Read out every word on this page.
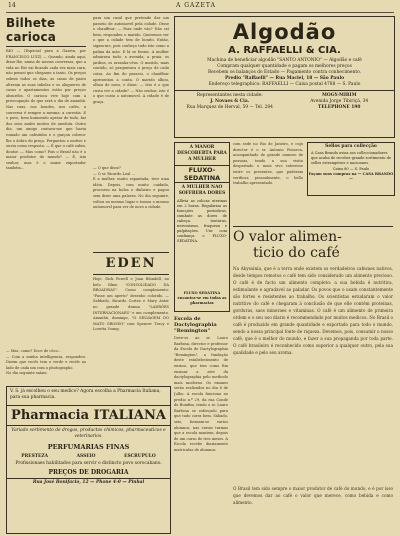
14	A GAZETA
Bilhete carioca
RIO — (Especial para a Gazeta, por FRANCISCO LUIZ) — Quando, ainda aqui, disse-lhe, numa de nossas conversas, que a vida no Rio vai ficando cada vez mais cara, não pensei que chegasse a tanto. Os preços sobem todos os dias, as casas de pasto alteram as suas tabelas e os alugueres de casas e apartamentos estão por preços absurdos. O carioca vive hoje com a preocupação do que será o dia de amanhã. Nas ruas, nos bondes, nos cafés, a conversa é sempre a mesma: a carestia. E o povo, bem humorado apesar de tudo, faz dos seus males motivo de anedota. Outro dia, um amigo contava-me que havia tomado um cafezinho e o garçon cobrou-lhe o dobro do preço. Perguntou o motivo e ouviu como resposta: — É que o café subiu, doutor. — Mas como? Pois o Brasil não é o maior produtor do mundo? — É, sim senhor, mas é o maior exportador também...
— Mas, como? Doce de côco...
— Com a minha intelligencia, respondeu. Dizem que vocês tem o verde e recife ao lado de cada um com o photographo.
No dia seguinte saíam
para um casal que pretende dar um passeio de automovel pela cidade. Disse o chauffeur: — Para onde vão? Não sei bem, respondeu o marido. Queremos ver o que a cidade tem de bonito. Então, sigam-me, pois conheço tudo isto como a palma da mão. E lá se foram. A mulher admirava tudo: a avenida, a praia, os jardins, os arranha-céus. O marido, mais contido, só perguntava o preço de cada coisa. Ao fim do passeio, o chauffeur apresentou a conta. O marido olhou, olhou de novo, e disse: — Isto é o que custa ver a cidade? — Não senhor, isto é o que custa o automovel. A cidade é de graça.
— O que disse?
— O sr. Ricardo Leal ...
E a mulher, muito espantada, teve uma idéia. Depois, com muito cuidado, procurou na bolsa o dinheiro e pagou sem dizer uma palavra. No dia seguinte, voltou ao mesmo lugar e tomou o mesmo automovel para ver de novo a cidade.
EDEN
Hoje, Dick Powell e Joan Blondell, no belo filme "CONSOLIDADO DA BROADWAY". Como complemento: "Passe um aperto" desenho colorido. — Sabbado, Ricardo Cortez e Mary Astor no grande drama "LADRÕES INTERNACIONAES" e um complemento. Amanhã, domingo, "O SELVAGEM DO MATO GROSSO" com Spencer Tracy e Loretta Young.
Algodão
A. RAFFAELLI & CIA.
Machina de beneficiar algodão "SANTO ANTONIO" — Algodão e café
Compram qualquer quantidade e pagam os melhores preços
Recebem os balanços do Estado — Pagamento contra conhecimento.
Predio "Raffaelli" — Rua Maciel, 18 — São Paulo
Endereço telegraphico: RAFFAELLI — Caixa postal 4788 — S. Paulo
Representantes nesta cidade:
J. Novaes & Cia.
Rua Marquez de Herval, 59 — Tel. 284
MOGY-MIRIM
Avenida Jorge Tibiriçá, 34
TELEPHONE 190
A MANOR DESCOBERTA PARA A MULHER
FLUXO-SEDATINA
A MULHER NAO SOFFRERA DORES
Allivia as colicas uterinas em 2 horas. Regulariza as funcções periodicas, combate as dores de cabeça, tonturas, nervosismo, fraqueza e palpitações. Use com confiança o FLUXO-SEDATINA.
FLUXO SEDATINA encontra-se em todas as pharmacias
Escola de Dactylographia "Remington"
Deve-se ao sr. Lauro Barbosa, director e professor da Escola de Dactylographia "Remington", a fundação deste estabelecimento de ensino, que tem como fim ensinar a arte da dactylographia pelo methodo mais moderno. Os exames serão realizados no dia 6 de Julho. A escola funciona no predio n.º 29, da rua Conde de Bomfim, tendo o sr. Lauro Barbosa se esforçado para que tudo corra bem. Sábado, seis, formam-se varios alumnos, nas varias turmas que a escola mantem, depois de um curso de tres meses. A Escola recebe diariamente matriculas de alumnos.
com sede no Rio de Janeiro, e cujo director é o sr. Antonio Fonseca, acompanhado de grande numero de pessoas, tendo a sua visita despertado o mais vivo interesse entre os presentes, que puderam verificar, pessoalmente, o bello trabalho apresentado.
Sellos para collecção
A Casa Brando avisa aos colleccionadores que acaba de receber grande sortimento de sellos estrangeiros e nacionaes.
Caixa 80 — S. Paulo
Façam suas compras na — CASA BRANDO —
O valor alimen-
ticio do café
Na Abyssinia, que é a terra onde existem os verdadeiros cafezaes nativos, desde tempos remotos o café tem sido considerado um alimento precioso. O café é de facto um alimento completo: a sua bebida é nutritiva, estimulante e agradavel ao paladar. Os povos que o usam constantemente são fortes e resistentes ao trabalho. Os scientistas estudaram o valor nutritivo do café e chegaram à conclusão de que elle contém proteinas, gorduras, saes mineraes e vitaminas. O café é um alimento de primeira ordem e o seu uso diario é recommendado por muitos medicos. No Brasil o café é produzido em grande quantidade e exportado para todo o mundo, sendo a nossa principal fonte de riqueza. Devemos, pois, consumir o nosso café, que é o melhor do mundo, e fazer a sua propaganda por toda parte. O café brasileiro é reconhecido como superior a qualquer outro, pela sua qualidade e pelo seu aroma.
O Brasil tem sido sempre o maior produtor de café do mundo, e é por isso que devemos dar ao café o valor que merece, como bebida e como alimento.
V. S. já escolheu o seu medico? Agora escolha a Pharmacia Italiana, para sua pharmacia.
Pharmacia ITALIANA
Variado sortimento de drogas, productos chimicos, pharmaceuticos e veterinarios.
PERFUMARIAS FINAS
PRESTEZA	ASSEIO	ESCRUPULO
Profissionaes habilitados para servir o distincto povo sorocabano.
PREÇOS DE DROGARIA
Rua José Bonifacio, 12 — Phone 4-0 — Pinhal
